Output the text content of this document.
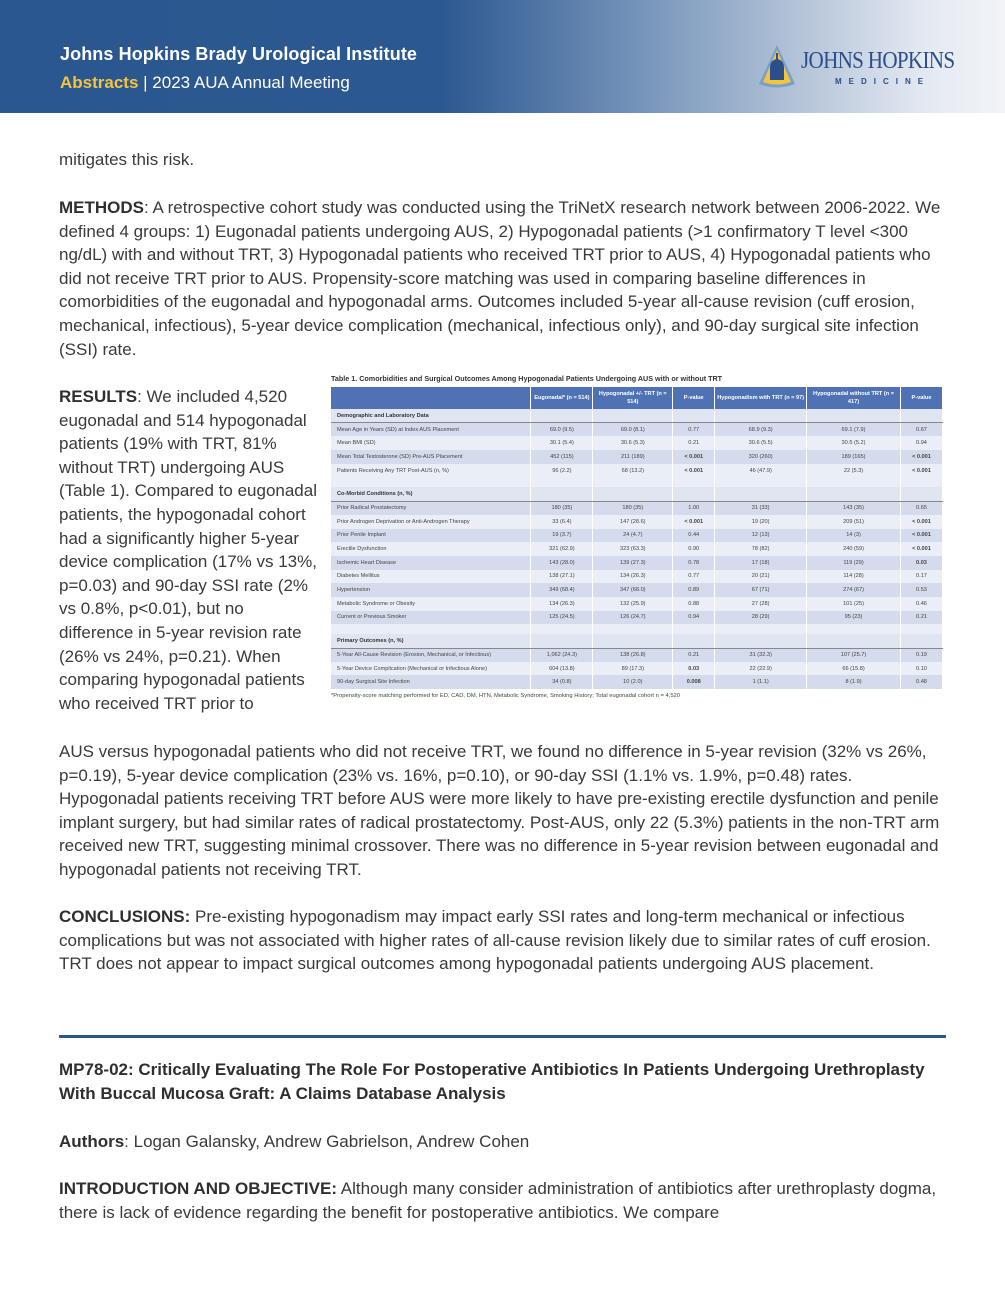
Johns Hopkins Brady Urological Institute
Abstracts | 2023 AUA Annual Meeting
JOHNS HOPKINS
MEDICINE
mitigates this risk.
METHODS: A retrospective cohort study was conducted using the TriNetX research network between 2006-2022. We defined 4 groups: 1) Eugonadal patients undergoing AUS, 2) Hypogonadal patients (>1 confirmatory T level <300 ng/dL) with and without TRT, 3) Hypogonadal patients who received TRT prior to AUS, 4) Hypogonadal patients who did not receive TRT prior to AUS. Propensity-score matching was used in comparing baseline differences in comorbidities of the eugonadal and hypogonadal arms. Outcomes included 5-year all-cause revision (cuff erosion, mechanical, infectious), 5-year device complication (mechanical, infectious only), and 90-day surgical site infection (SSI) rate.
RESULTS: We included 4,520 eugonadal and 514 hypogonadal patients (19% with TRT, 81% without TRT) undergoing AUS (Table 1). Compared to eugonadal patients, the hypogonadal cohort had a significantly higher 5-year device complication (17% vs 13%, p=0.03) and 90-day SSI rate (2% vs 0.8%, p<0.01), but no difference in 5-year revision rate (26% vs 24%, p=0.21). When comparing hypogonadal patients who received TRT prior to
Table 1. Comorbidities and Surgical Outcomes Among Hypogonadal Patients Undergoing AUS with or without TRT
	Eugonadal* (n = 514)	Hypogonadal +/- TRT (n = 514)	P-value	Hypogonadism with TRT (n = 97)	Hypogonadal without TRT (n = 417)	P-value
Demographic and Laboratory Data						
Mean Age in Years (SD) at Index AUS Placement	69.0 (9.5)	69.0 (8.1)	0.77	68.9 (9.3)	69.1 (7.9)	0.67
Mean BMI (SD)	30.1 (5.4)	30.6 (5.3)	0.21	30.6 (5.5)	30.5 (5.2)	0.94
Mean Total Testosterone (SD) Pre-AUS Placement	452 (115)	211 (189)	< 0.001	320 (260)	189 (165)	< 0.001
Patients Receiving Any TRT Post-AUS (n, %)	96 (2.2)	68 (13.2)	< 0.001	46 (47.9)	22 (5.3)	< 0.001

Co-Morbid Conditions (n, %)						
Prior Radical Prostatectomy	180 (35)	180 (35)	1.00	31 (33)	143 (35)	0.65
Prior Androgen Deprivation or Anti-Androgen Therapy	33 (6.4)	147 (28.6)	< 0.001	19 (20)	209 (51)	< 0.001
Prior Penile Implant	19 (3.7)	24 (4.7)	0.44	12 (13)	14 (3)	< 0.001
Erectile Dysfunction	321 (62.9)	323 (63.3)	0.90	78 (82)	240 (59)	< 0.001
Ischemic Heart Disease	143 (28.0)	139 (27.3)	0.78	17 (18)	119 (29)	0.03
Diabetes Mellitus	138 (27.1)	134 (26.3)	0.77	20 (21)	114 (28)	0.17
Hypertension	349 (68.4)	347 (68.0)	0.89	67 (71)	274 (67)	0.53
Metabolic Syndrome or Obesity	134 (26.3)	132 (25.9)	0.88	27 (28)	101 (25)	0.46
Current or Previous Smoker	125 (24.5)	126 (24.7)	0.94	28 (29)	95 (23)	0.21

Primary Outcomes (n, %)						
5-Year All-Cause Revision (Erosion, Mechanical, or Infectious)	1,062 (24.3)	138 (26.8)	0.21	31 (32.3)	107 (25.7)	0.19
5-Year Device Complication (Mechanical or Infectious Alone)	604 (13.8)	89 (17.3)	0.03	22 (22.9)	66 (15.8)	0.10
90-day Surgical Site Infection	34 (0.8)	10 (2.0)	0.008	1 (1.1)	8 (1.9)	0.48
*Propensity-score matching performed for ED, CAD, DM, HTN, Metabolic Syndrome, Smoking History; Total eugonadal cohort n = 4,520
AUS versus hypogonadal patients who did not receive TRT, we found no difference in 5-year revision (32% vs 26%, p=0.19), 5-year device complication (23% vs. 16%, p=0.10), or 90-day SSI (1.1% vs. 1.9%, p=0.48) rates. Hypogonadal patients receiving TRT before AUS were more likely to have pre-existing erectile dysfunction and penile implant surgery, but had similar rates of radical prostatectomy. Post-AUS, only 22 (5.3%) patients in the non-TRT arm received new TRT, suggesting minimal crossover. There was no difference in 5-year revision between eugonadal and hypogonadal patients not receiving TRT.
CONCLUSIONS: Pre-existing hypogonadism may impact early SSI rates and long-term mechanical or infectious complications but was not associated with higher rates of all-cause revision likely due to similar rates of cuff erosion. TRT does not appear to impact surgical outcomes among hypogonadal patients undergoing AUS placement.
MP78-02: Critically Evaluating The Role For Postoperative Antibiotics In Patients Undergoing Urethroplasty With Buccal Mucosa Graft: A Claims Database Analysis
Authors: Logan Galansky, Andrew Gabrielson, Andrew Cohen
INTRODUCTION AND OBJECTIVE: Although many consider administration of antibiotics after urethroplasty dogma, there is lack of evidence regarding the benefit for postoperative antibiotics. We compare
